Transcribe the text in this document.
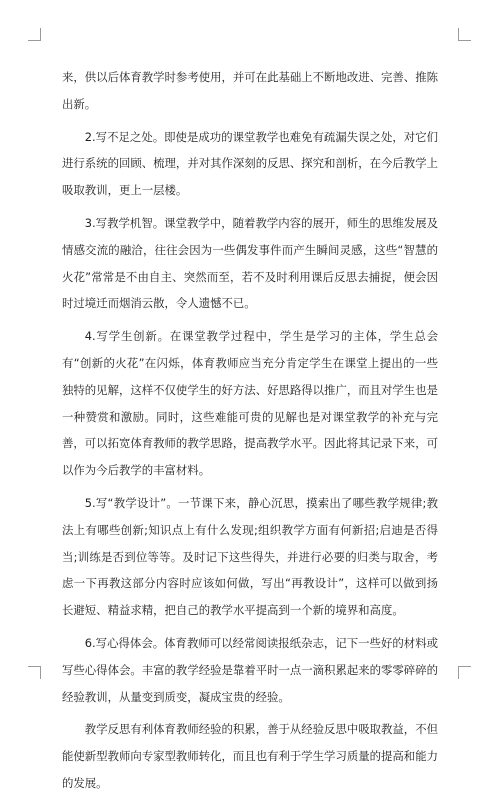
来，供以后体育教学时参考使用，并可在此基础上不断地改进、完善、推陈出新。

2.写不足之处。即使是成功的课堂教学也难免有疏漏失误之处，对它们进行系统的回顾、梳理，并对其作深刻的反思、探究和剖析，在今后教学上吸取教训，更上一层楼。

3.写教学机智。课堂教学中，随着教学内容的展开，师生的思维发展及情感交流的融洽，往往会因为一些偶发事件而产生瞬间灵感，这些“智慧的火花”常常是不由自主、突然而至，若不及时利用课后反思去捕捉，便会因时过境迁而烟消云散，令人遗憾不已。

4.写学生创新。在课堂教学过程中，学生是学习的主体，学生总会有“创新的火花”在闪烁，体育教师应当充分肯定学生在课堂上提出的一些独特的见解，这样不仅使学生的好方法、好思路得以推广，而且对学生也是一种赞赏和激励。同时，这些难能可贵的见解也是对课堂教学的补充与完善，可以拓宽体育教师的教学思路，提高教学水平。因此将其记录下来，可以作为今后教学的丰富材料。

5.写“教学设计”。一节课下来，静心沉思，摸索出了哪些教学规律;教法上有哪些创新;知识点上有什么发现;组织教学方面有何新招;启迪是否得当;训练是否到位等等。及时记下这些得失，并进行必要的归类与取舍，考虑一下再教这部分内容时应该如何做，写出“再教设计”，这样可以做到扬长避短、精益求精，把自己的教学水平提高到一个新的境界和高度。

6.写心得体会。体育教师可以经常阅读报纸杂志，记下一些好的材料或写些心得体会。丰富的教学经验是靠着平时一点一滴积累起来的零零碎碎的经验教训，从量变到质变，凝成宝贵的经验。

教学反思有利体育教师经验的积累，善于从经验反思中吸取教益，不但能使新型教师向专家型教师转化，而且也有利于学生学习质量的提高和能力的发展。
